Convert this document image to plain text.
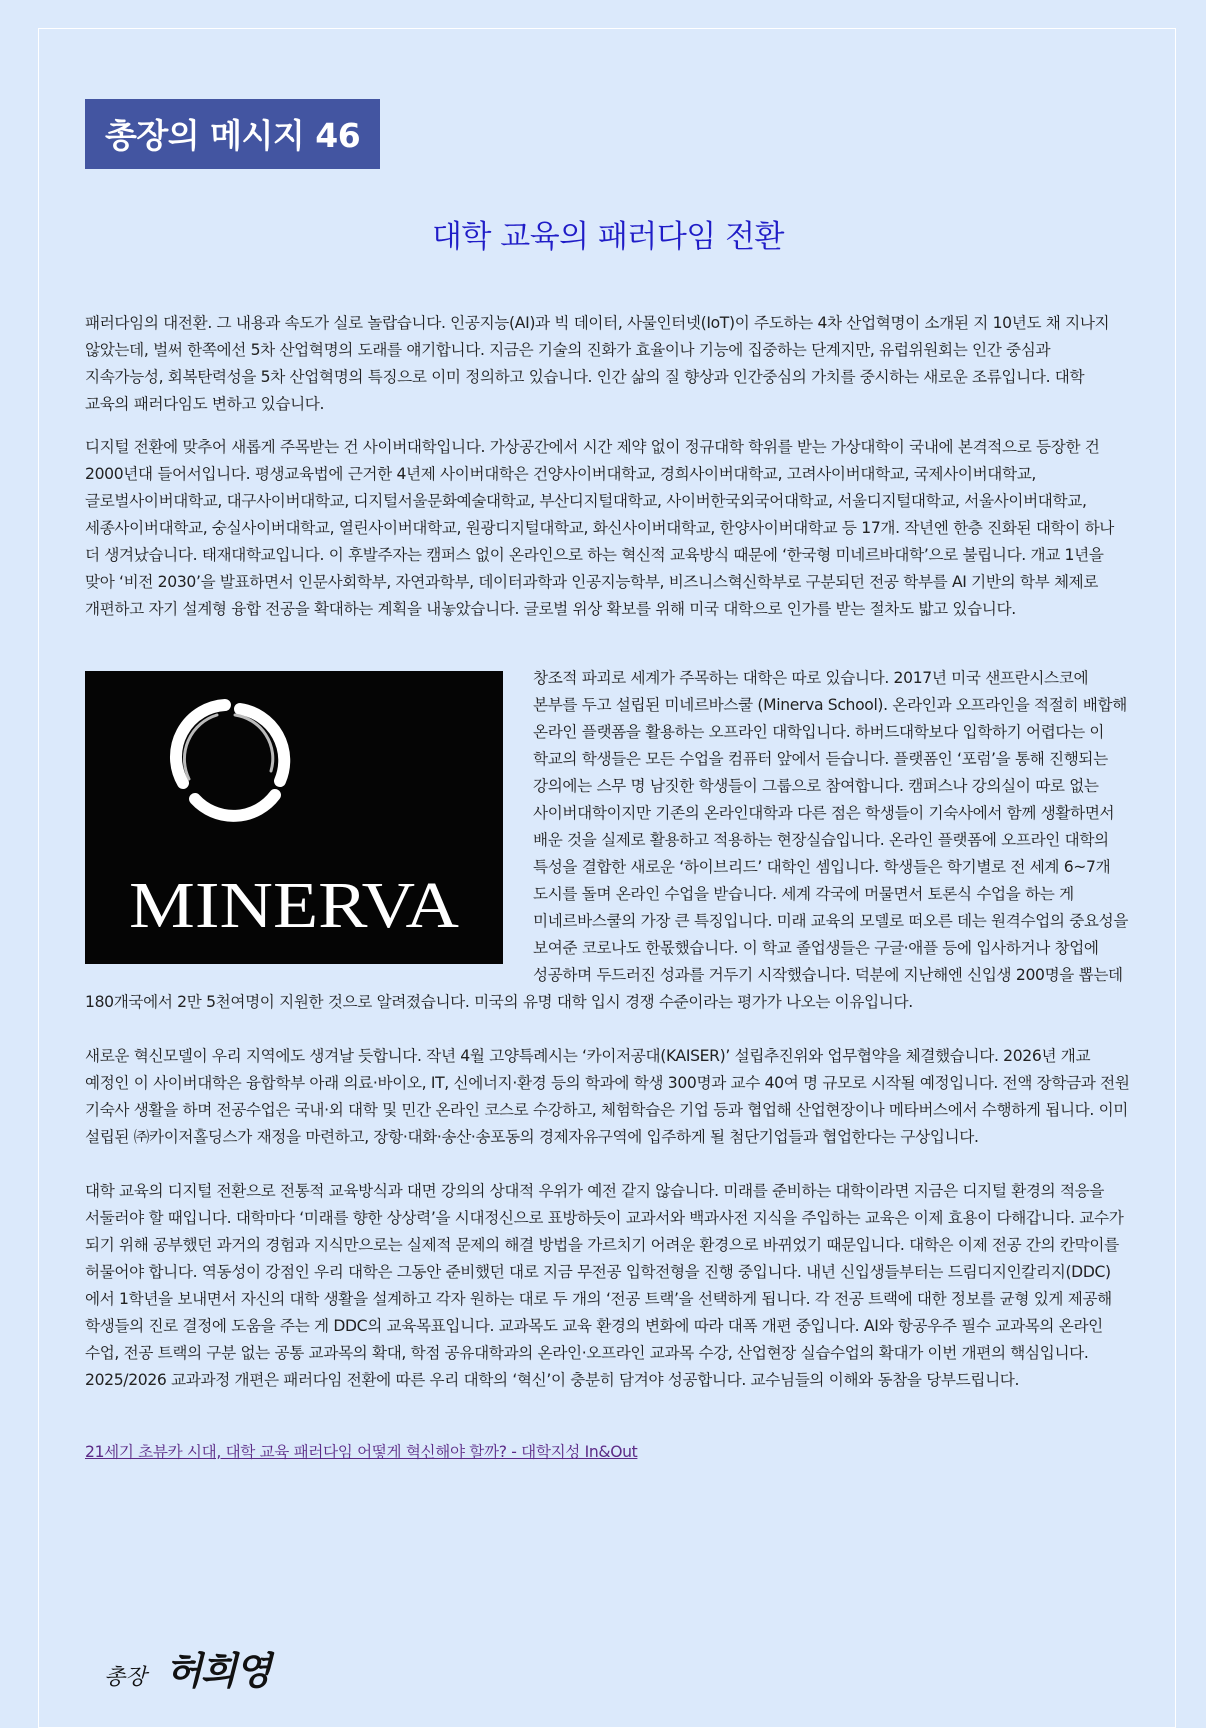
총장의 메시지 46
대학 교육의 패러다임 전환

패러다임의 대전환. 그 내용과 속도가 실로 놀랍습니다. 인공지능(AI)과 빅 데이터, 사물인터넷(IoT)이 주도하는 4차 산업혁명이 소개된 지 10년도 채 지나지 않았는데, 벌써 한쪽에선 5차 산업혁명의 도래를 얘기합니다. 지금은 기술의 진화가 효율이나 기능에 집중하는 단계지만, 유럽위원회는 인간 중심과 지속가능성, 회복탄력성을 5차 산업혁명의 특징으로 이미 정의하고 있습니다. 인간 삶의 질 향상과 인간중심의 가치를 중시하는 새로운 조류입니다. 대학 교육의 패러다임도 변하고 있습니다.

디지털 전환에 맞추어 새롭게 주목받는 건 사이버대학입니다. 가상공간에서 시간 제약 없이 정규대학 학위를 받는 가상대학이 국내에 본격적으로 등장한 건 2000년대 들어서입니다. 평생교육법에 근거한 4년제 사이버대학은 건양사이버대학교, 경희사이버대학교, 고려사이버대학교, 국제사이버대학교, 글로벌사이버대학교, 대구사이버대학교, 디지털서울문화예술대학교, 부산디지털대학교, 사이버한국외국어대학교, 서울디지털대학교, 서울사이버대학교, 세종사이버대학교, 숭실사이버대학교, 열린사이버대학교, 원광디지털대학교, 화신사이버대학교, 한양사이버대학교 등 17개. 작년엔 한층 진화된 대학이 하나 더 생겨났습니다. 태재대학교입니다. 이 후발주자는 캠퍼스 없이 온라인으로 하는 혁신적 교육방식 때문에 ‘한국형 미네르바대학’으로 불립니다. 개교 1년을 맞아 ‘비전 2030’을 발표하면서 인문사회학부, 자연과학부, 데이터과학과 인공지능학부, 비즈니스혁신학부로 구분되던 전공 학부를 AI 기반의 학부 체제로 개편하고 자기 설계형 융합 전공을 확대하는 계획을 내놓았습니다. 글로벌 위상 확보를 위해 미국 대학으로 인가를 받는 절차도 밟고 있습니다.

MINERVA

창조적 파괴로 세계가 주목하는 대학은 따로 있습니다. 2017년 미국 샌프란시스코에 본부를 두고 설립된 미네르바스쿨 (Minerva School). 온라인과 오프라인을 적절히 배합해 온라인 플랫폼을 활용하는 오프라인 대학입니다. 하버드대학보다 입학하기 어렵다는 이 학교의 학생들은 모든 수업을 컴퓨터 앞에서 듣습니다. 플랫폼인 ‘포럼’을 통해 진행되는 강의에는 스무 명 남짓한 학생들이 그룹으로 참여합니다. 캠퍼스나 강의실이 따로 없는 사이버대학이지만 기존의 온라인대학과 다른 점은 학생들이 기숙사에서 함께 생활하면서 배운 것을 실제로 활용하고 적용하는 현장실습입니다. 온라인 플랫폼에 오프라인 대학의 특성을 결합한 새로운 ‘하이브리드’ 대학인 셈입니다. 학생들은 학기별로 전 세계 6~7개 도시를 돌며 온라인 수업을 받습니다. 세계 각국에 머물면서 토론식 수업을 하는 게 미네르바스쿨의 가장 큰 특징입니다. 미래 교육의 모델로 떠오른 데는 원격수업의 중요성을 보여준 코로나도 한몫했습니다. 이 학교 졸업생들은 구글·애플 등에 입사하거나 창업에 성공하며 두드러진 성과를 거두기 시작했습니다. 덕분에 지난해엔 신입생 200명을 뽑는데 180개국에서 2만 5천여명이 지원한 것으로 알려졌습니다. 미국의 유명 대학 입시 경쟁 수준이라는 평가가 나오는 이유입니다.

새로운 혁신모델이 우리 지역에도 생겨날 듯합니다. 작년 4월 고양특례시는 ‘카이저공대(KAISER)’ 설립추진위와 업무협약을 체결했습니다. 2026년 개교 예정인 이 사이버대학은 융합학부 아래 의료·바이오, IT, 신에너지·환경 등의 학과에 학생 300명과 교수 40여 명 규모로 시작될 예정입니다. 전액 장학금과 전원 기숙사 생활을 하며 전공수업은 국내·외 대학 및 민간 온라인 코스로 수강하고, 체험학습은 기업 등과 협업해 산업현장이나 메타버스에서 수행하게 됩니다. 이미 설립된 ㈜카이저홀딩스가 재정을 마련하고, 장항·대화·송산·송포동의 경제자유구역에 입주하게 될 첨단기업들과 협업한다는 구상입니다.

대학 교육의 디지털 전환으로 전통적 교육방식과 대면 강의의 상대적 우위가 예전 같지 않습니다. 미래를 준비하는 대학이라면 지금은 디지털 환경의 적응을 서둘러야 할 때입니다. 대학마다 ‘미래를 향한 상상력’을 시대정신으로 표방하듯이 교과서와 백과사전 지식을 주입하는 교육은 이제 효용이 다해갑니다. 교수가 되기 위해 공부했던 과거의 경험과 지식만으로는 실제적 문제의 해결 방법을 가르치기 어려운 환경으로 바뀌었기 때문입니다. 대학은 이제 전공 간의 칸막이를 허물어야 합니다. 역동성이 강점인 우리 대학은 그동안 준비했던 대로 지금 무전공 입학전형을 진행 중입니다. 내년 신입생들부터는 드림디지인칼리지(DDC)에서 1학년을 보내면서 자신의 대학 생활을 설계하고 각자 원하는 대로 두 개의 ‘전공 트랙’을 선택하게 됩니다. 각 전공 트랙에 대한 정보를 균형 있게 제공해 학생들의 진로 결정에 도움을 주는 게 DDC의 교육목표입니다. 교과목도 교육 환경의 변화에 따라 대폭 개편 중입니다. AI와 항공우주 필수 교과목의 온라인 수업, 전공 트랙의 구분 없는 공통 교과목의 확대, 학점 공유대학과의 온라인·오프라인 교과목 수강, 산업현장 실습수업의 확대가 이번 개편의 핵심입니다. 2025/2026 교과과정 개편은 패러다임 전환에 따른 우리 대학의 ‘혁신’이 충분히 담겨야 성공합니다. 교수님들의 이해와 동참을 당부드립니다.

21세기 초뷰카 시대, 대학 교육 패러다임 어떻게 혁신해야 할까? - 대학지성 In&Out
총장 허희영
